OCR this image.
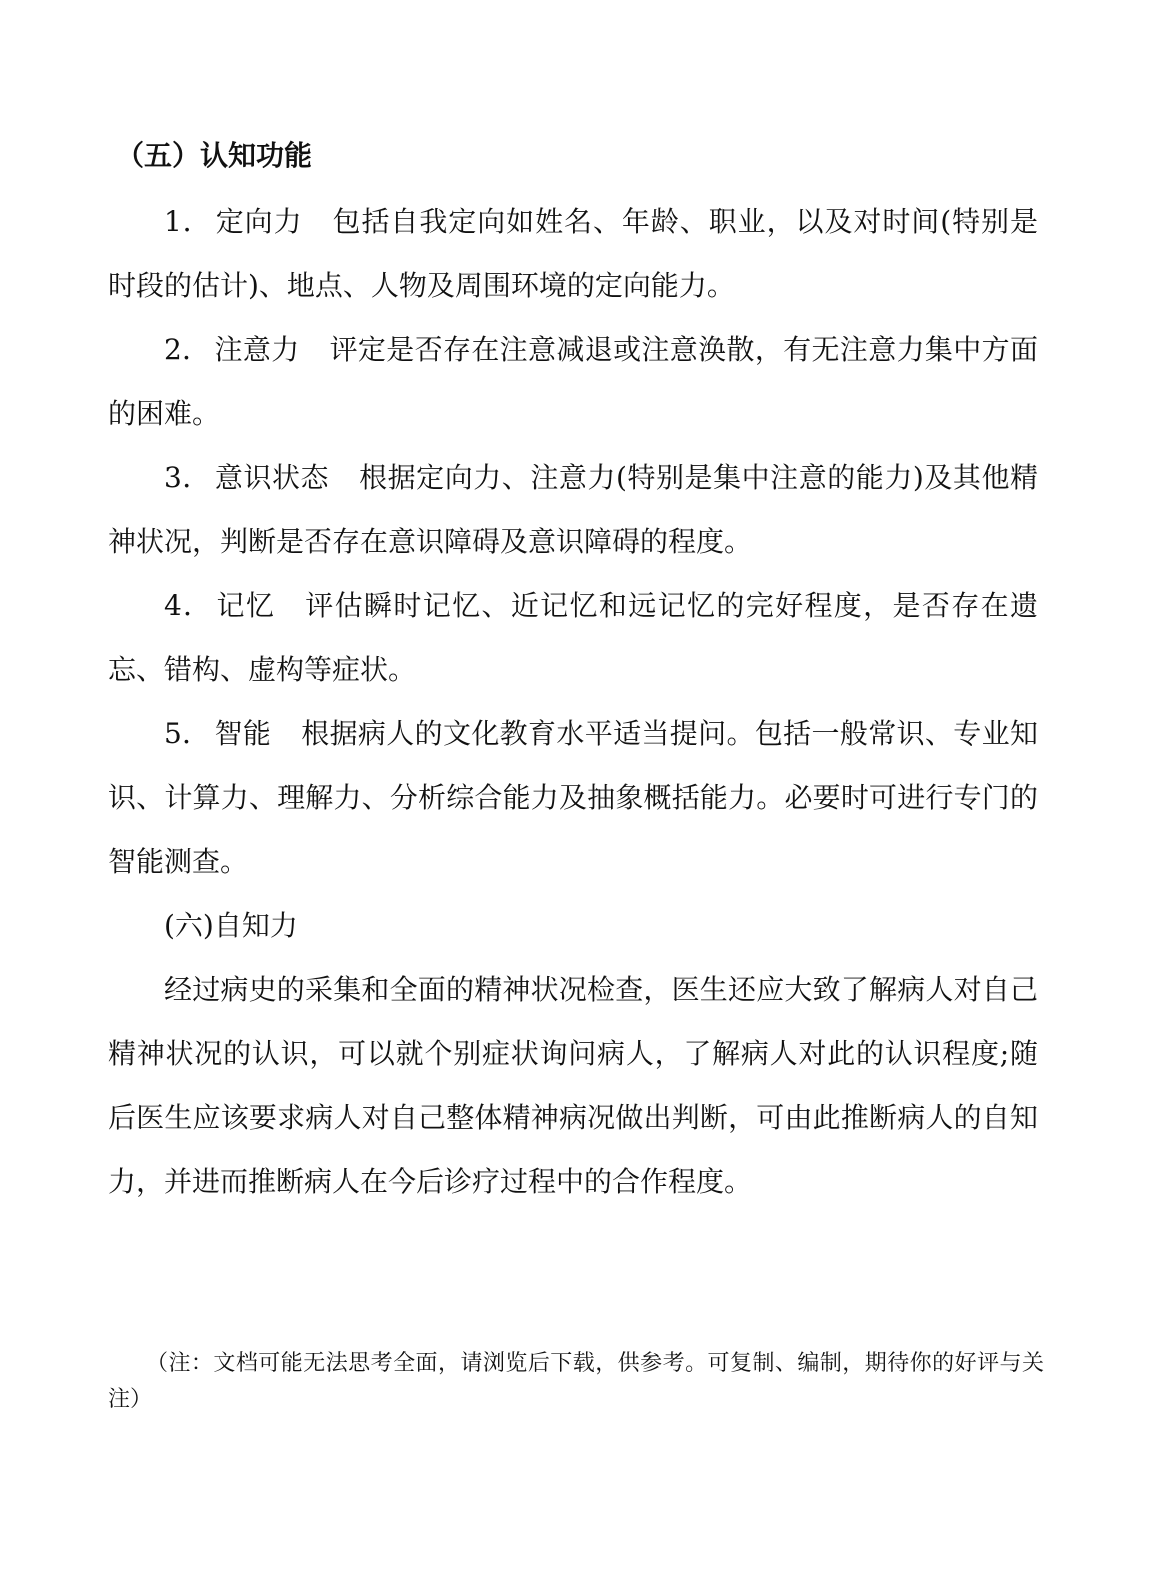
（五）认知功能

1． 定向力 包括自我定向如姓名、年龄、职业，以及对时间(特别是时段的估计)、地点、人物及周围环境的定向能力。

2． 注意力 评定是否存在注意减退或注意涣散，有无注意力集中方面的困难。

3． 意识状态 根据定向力、注意力(特别是集中注意的能力)及其他精神状况，判断是否存在意识障碍及意识障碍的程度。

4． 记忆 评估瞬时记忆、近记忆和远记忆的完好程度，是否存在遗忘、错构、虚构等症状。

5． 智能 根据病人的文化教育水平适当提问。包括一般常识、专业知识、计算力、理解力、分析综合能力及抽象概括能力。必要时可进行专门的智能测查。

(六)自知力

经过病史的采集和全面的精神状况检查，医生还应大致了解病人对自己精神状况的认识，可以就个别症状询问病人，了解病人对此的认识程度;随后医生应该要求病人对自己整体精神病况做出判断，可由此推断病人的自知力，并进而推断病人在今后诊疗过程中的合作程度。

（注：文档可能无法思考全面，请浏览后下载，供参考。可复制、编制，期待你的好评与关注）
